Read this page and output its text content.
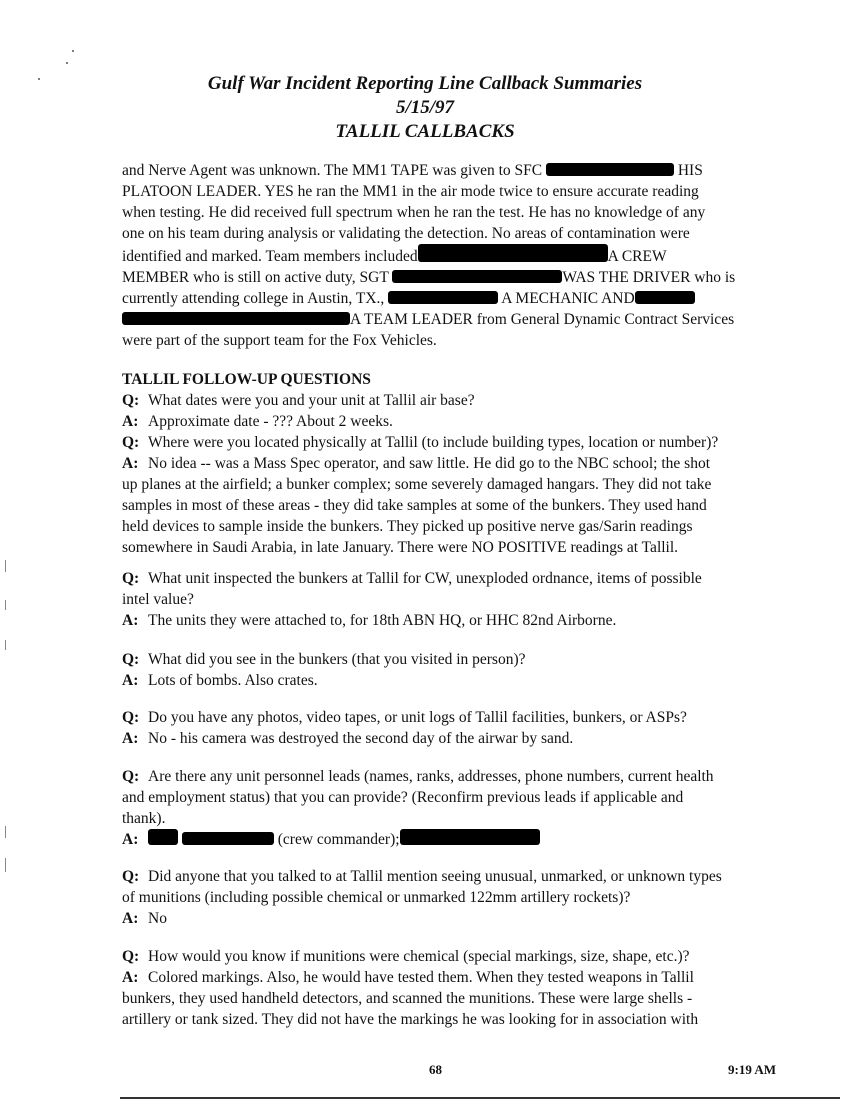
Gulf War Incident Reporting Line Callback Summaries
5/15/97
TALLIL CALLBACKS
and Nerve Agent was unknown. The MM1 TAPE was given to SFC	HIS
PLATOON LEADER. YES he ran the MM1 in the air mode twice to ensure accurate reading
when testing. He did received full spectrum when he ran the test. He has no knowledge of any
one on his team during analysis or validating the detection. No areas of contamination were
identified and marked. Team members included	A CREW
MEMBER who is still on active duty, SGT	WAS THE DRIVER who is
currently attending college in Austin, TX.,	A MECHANIC AND
A TEAM LEADER from General Dynamic Contract Services
were part of the support team for the Fox Vehicles.
TALLIL FOLLOW-UP QUESTIONS
Q: What dates were you and your unit at Tallil air base?
A: Approximate date - ??? About 2 weeks.
Q: Where were you located physically at Tallil (to include building types, location or number)?
A: No idea -- was a Mass Spec operator, and saw little. He did go to the NBC school; the shot
up planes at the airfield; a bunker complex; some severely damaged hangars. They did not take
samples in most of these areas - they did take samples at some of the bunkers. They used hand
held devices to sample inside the bunkers. They picked up positive nerve gas/Sarin readings
somewhere in Saudi Arabia, in late January. There were NO POSITIVE readings at Tallil.
Q: What unit inspected the bunkers at Tallil for CW, unexploded ordnance, items of possible
intel value?
A: The units they were attached to, for 18th ABN HQ, or HHC 82nd Airborne.
Q: What did you see in the bunkers (that you visited in person)?
A: Lots of bombs. Also crates.
Q: Do you have any photos, video tapes, or unit logs of Tallil facilities, bunkers, or ASPs?
A: No - his camera was destroyed the second day of the airwar by sand.
Q: Are there any unit personnel leads (names, ranks, addresses, phone numbers, current health
and employment status) that you can provide? (Reconfirm previous leads if applicable and
thank).
A:	(crew commander);
Q: Did anyone that you talked to at Tallil mention seeing unusual, unmarked, or unknown types
of munitions (including possible chemical or unmarked 122mm artillery rockets)?
A: No
Q: How would you know if munitions were chemical (special markings, size, shape, etc.)?
A: Colored markings. Also, he would have tested them. When they tested weapons in Tallil
bunkers, they used handheld detectors, and scanned the munitions. These were large shells -
artillery or tank sized. They did not have the markings he was looking for in association with
68	9:19 AM
